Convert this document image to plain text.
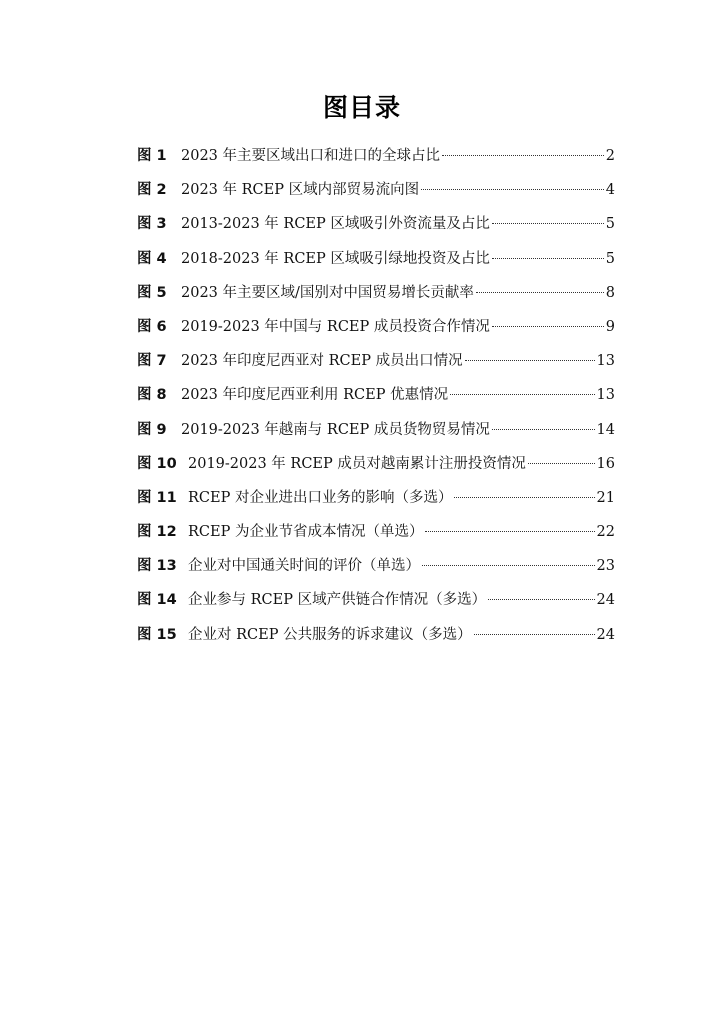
图目录
图 1 2023 年主要区域出口和进口的全球占比	2
图 2 2023 年 RCEP 区域内部贸易流向图	4
图 3 2013-2023 年 RCEP 区域吸引外资流量及占比	5
图 4 2018-2023 年 RCEP 区域吸引绿地投资及占比	5
图 5 2023 年主要区域/国别对中国贸易增长贡献率	8
图 6 2019-2023 年中国与 RCEP 成员投资合作情况	9
图 7 2023 年印度尼西亚对 RCEP 成员出口情况	13
图 8 2023 年印度尼西亚利用 RCEP 优惠情况	13
图 9 2019-2023 年越南与 RCEP 成员货物贸易情况	14
图 10 2019-2023 年 RCEP 成员对越南累计注册投资情况	16
图 11 RCEP 对企业进出口业务的影响（多选）	21
图 12 RCEP 为企业节省成本情况（单选）	22
图 13 企业对中国通关时间的评价（单选）	23
图 14 企业参与 RCEP 区域产供链合作情况（多选）	24
图 15 企业对 RCEP 公共服务的诉求建议（多选）	24
